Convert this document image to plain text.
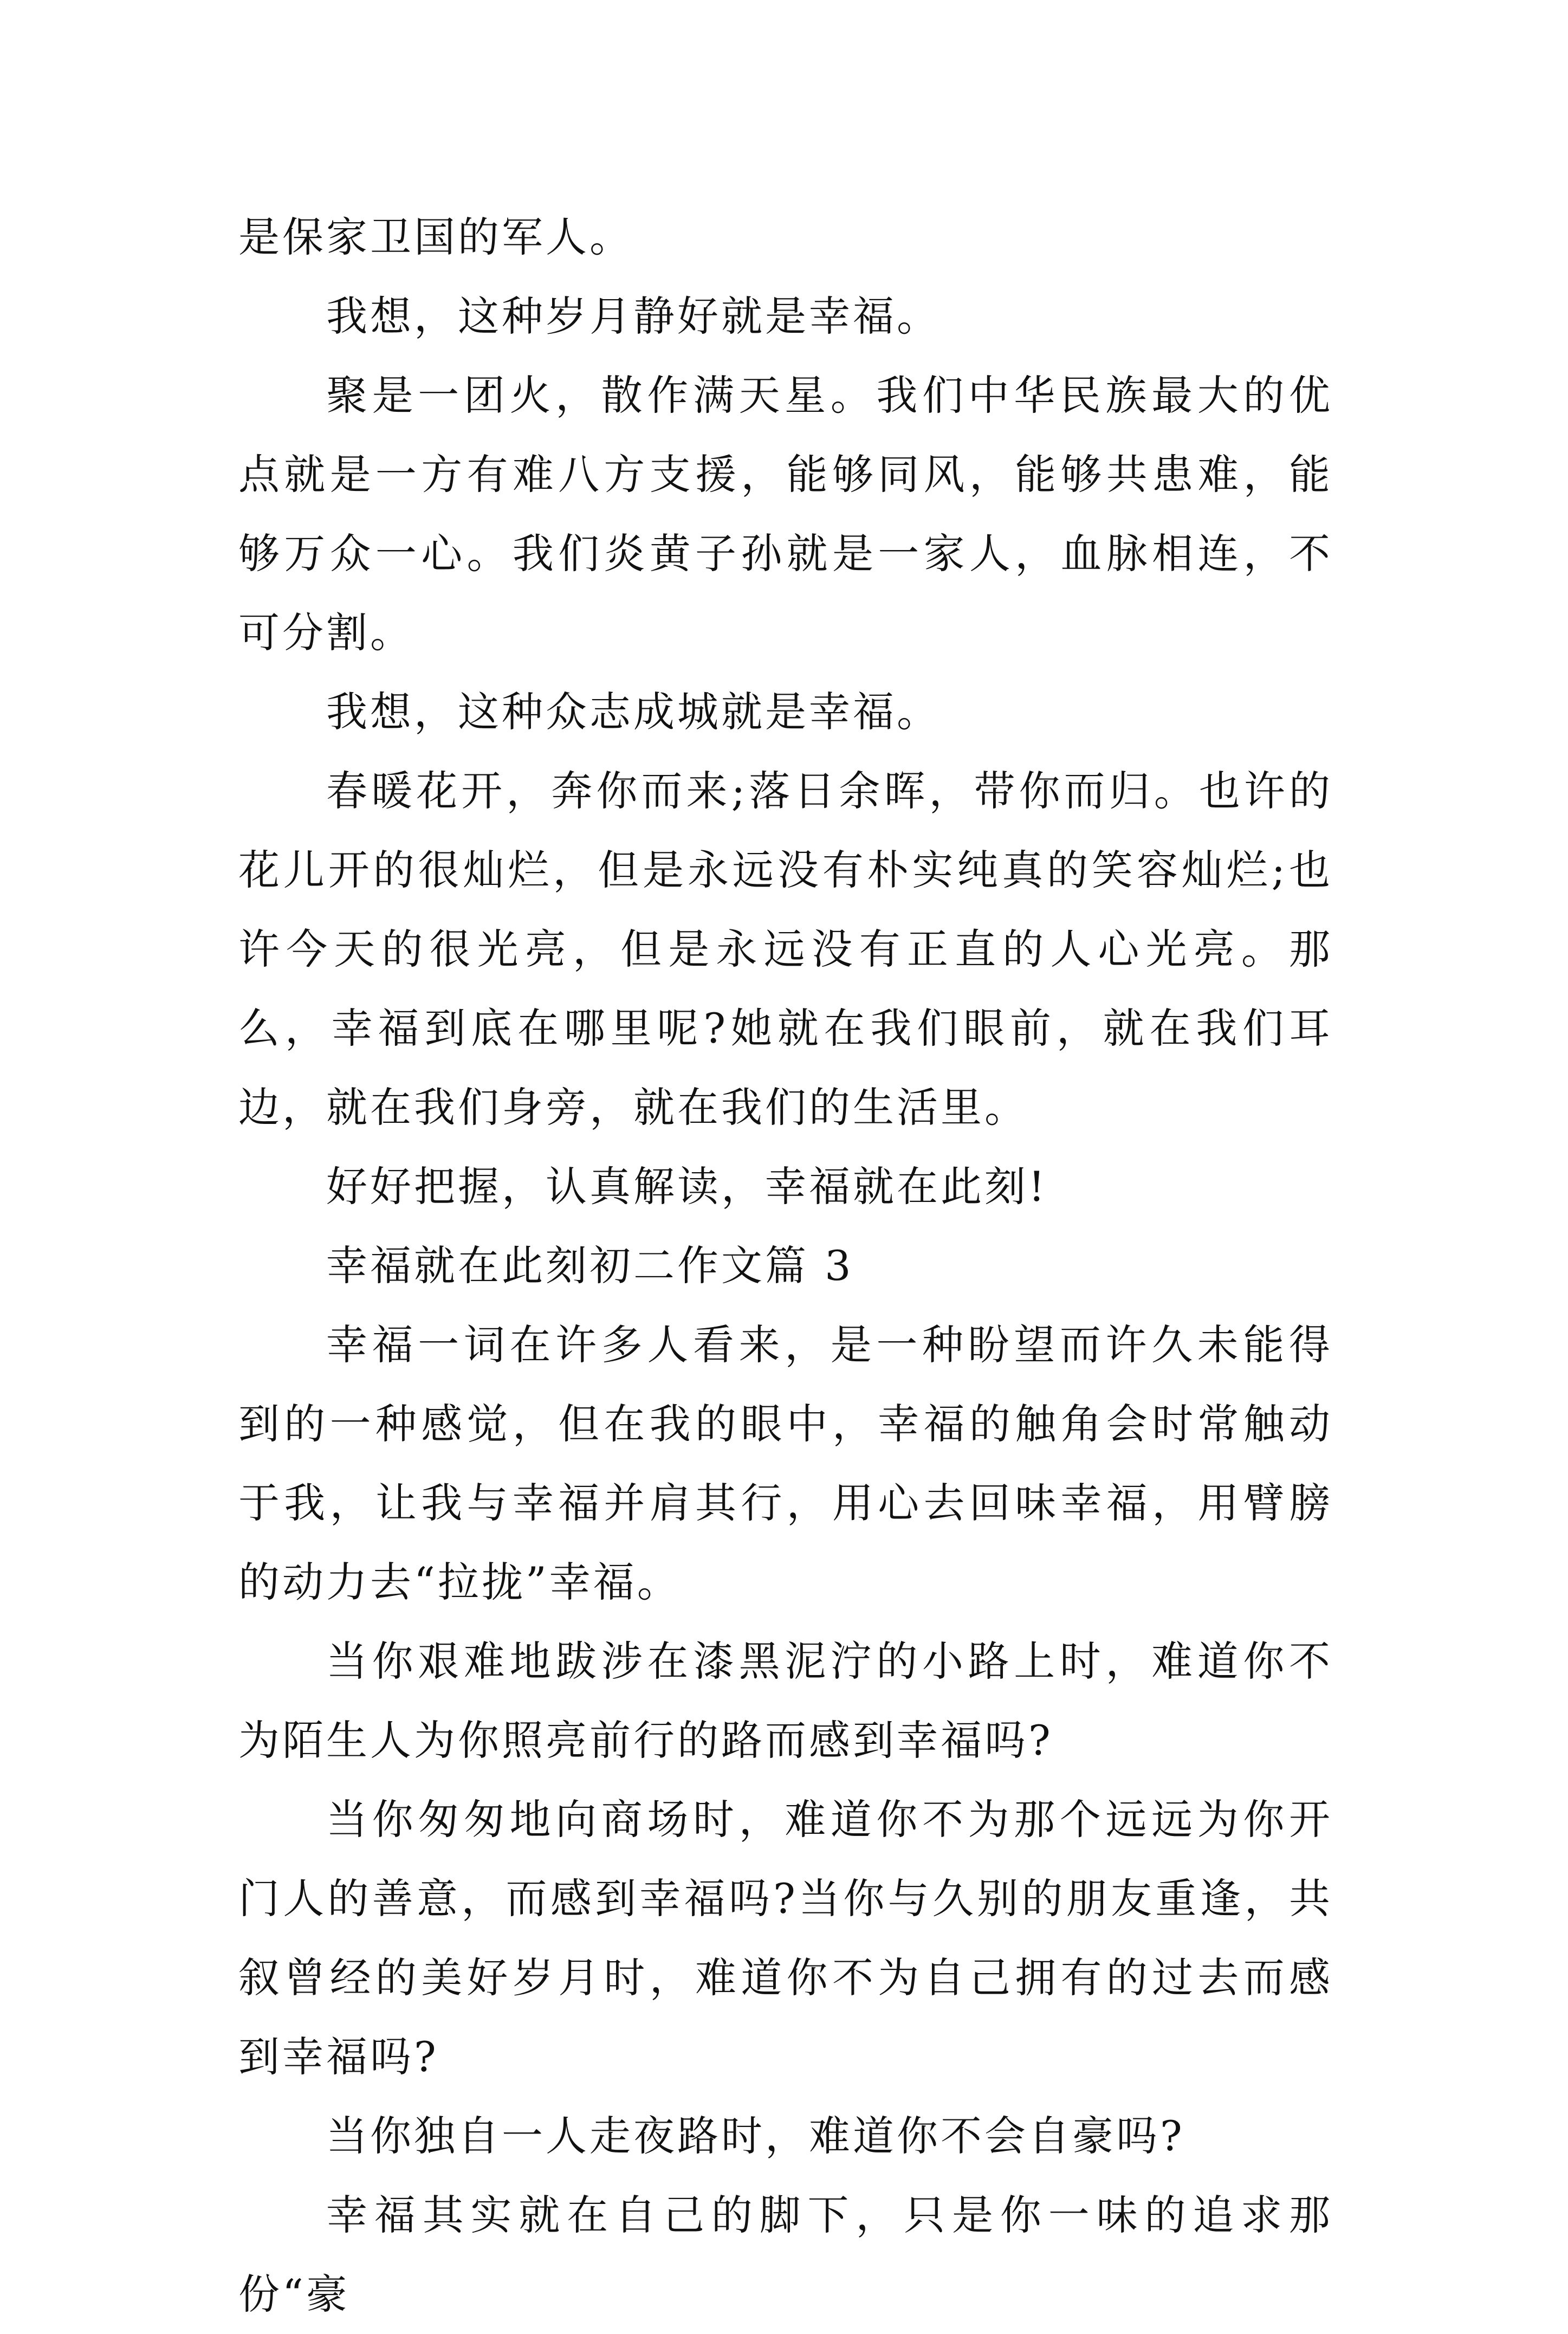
是保家卫国的军人。

我想，这种岁月静好就是幸福。

聚是一团火，散作满天星。我们中华民族最大的优点就是一方有难八方支援，能够同风，能够共患难，能够万众一心。我们炎黄子孙就是一家人，血脉相连，不可分割。

我想，这种众志成城就是幸福。

春暖花开，奔你而来;落日余晖，带你而归。也许的花儿开的很灿烂，但是永远没有朴实纯真的笑容灿烂;也许今天的很光亮，但是永远没有正直的人心光亮。那么，幸福到底在哪里呢?她就在我们眼前，就在我们耳边，就在我们身旁，就在我们的生活里。

好好把握，认真解读，幸福就在此刻!

幸福就在此刻初二作文篇 3

幸福一词在许多人看来，是一种盼望而许久未能得到的一种感觉，但在我的眼中，幸福的触角会时常触动于我，让我与幸福并肩其行，用心去回味幸福，用臂膀的动力去“拉拢”幸福。

当你艰难地跋涉在漆黑泥泞的小路上时，难道你不为陌生人为你照亮前行的路而感到幸福吗?

当你匆匆地向商场时，难道你不为那个远远为你开门人的善意，而感到幸福吗?当你与久别的朋友重逢，共叙曾经的美好岁月时，难道你不为自己拥有的过去而感到幸福吗?

当你独自一人走夜路时，难道你不会自豪吗?

幸福其实就在自己的脚下，只是你一味的追求那份“豪
